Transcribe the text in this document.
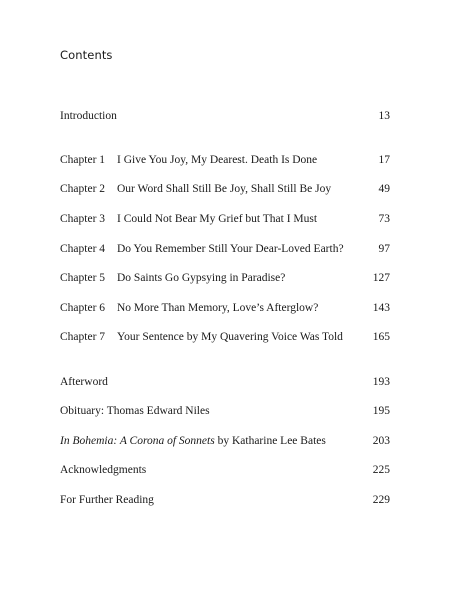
Contents
Introduction	13
Chapter 1 I Give You Joy, My Dearest. Death Is Done	17
Chapter 2 Our Word Shall Still Be Joy, Shall Still Be Joy	49
Chapter 3 I Could Not Bear My Grief but That I Must	73
Chapter 4 Do You Remember Still Your Dear-Loved Earth?	97
Chapter 5 Do Saints Go Gypsying in Paradise?	127
Chapter 6 No More Than Memory, Love’s Afterglow?	143
Chapter 7 Your Sentence by My Quavering Voice Was Told	165
Afterword	193
Obituary: Thomas Edward Niles	195
In Bohemia: A Corona of Sonnets by Katharine Lee Bates	203
Acknowledgments	225
For Further Reading	229
